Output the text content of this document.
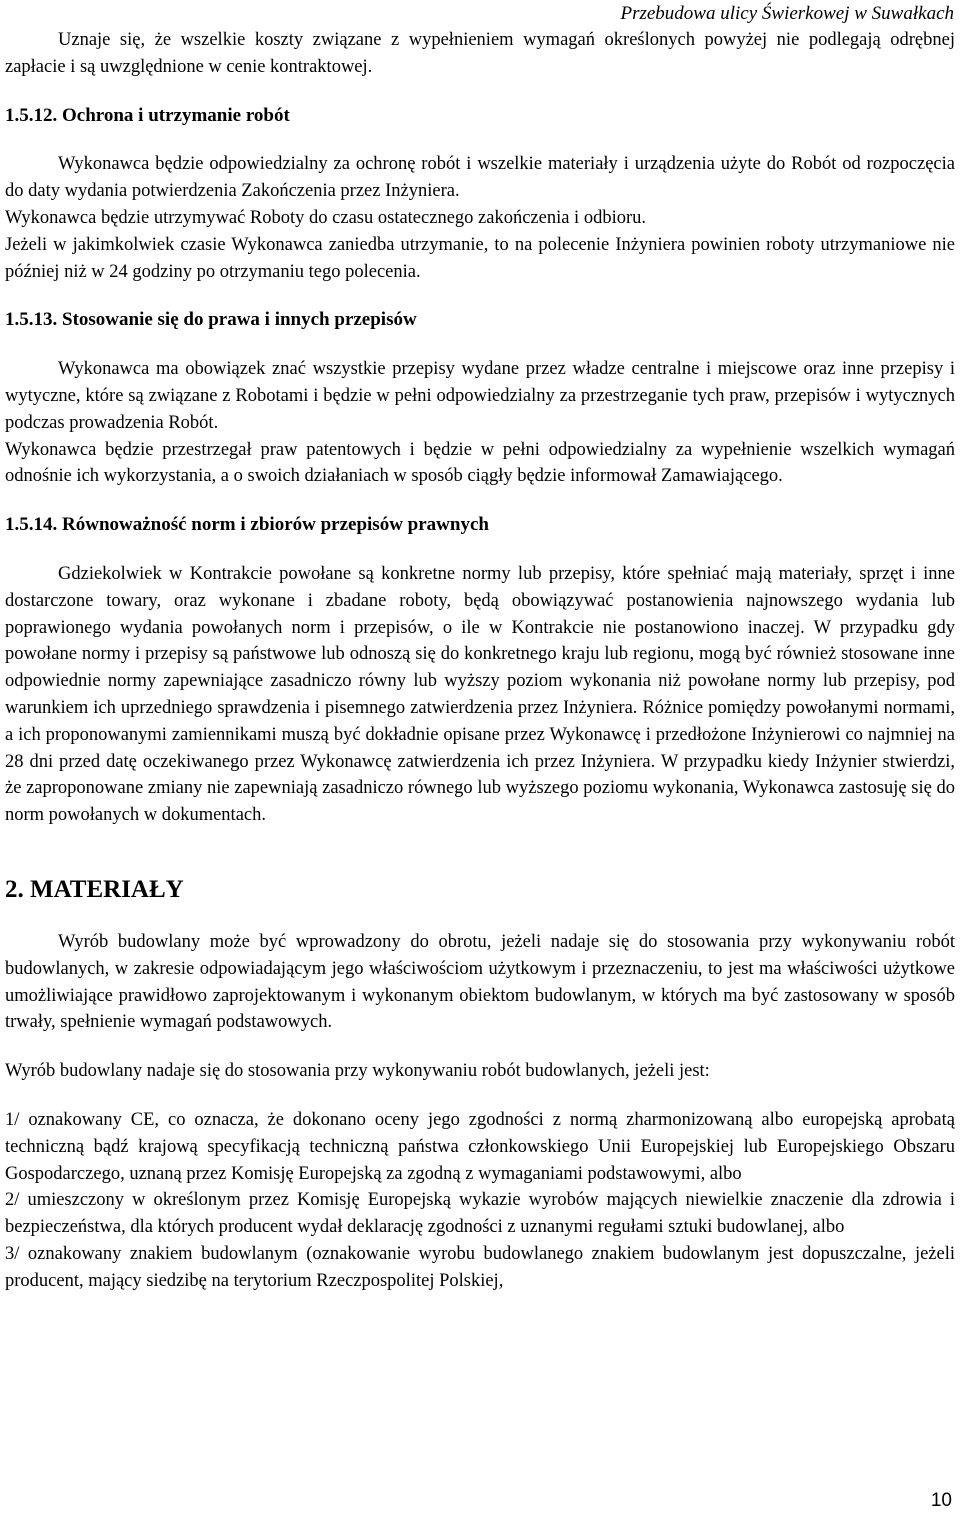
Przebudowa ulicy Świerkowej w Suwałkach

Uznaje się, że wszelkie koszty związane z wypełnieniem wymagań określonych powyżej nie podlegają odrębnej zapłacie i są uwzględnione w cenie kontraktowej.

1.5.12. Ochrona i utrzymanie robót

Wykonawca będzie odpowiedzialny za ochronę robót i wszelkie materiały i urządzenia użyte do Robót od rozpoczęcia do daty wydania potwierdzenia Zakończenia przez Inżyniera.

Wykonawca będzie utrzymywać Roboty do czasu ostatecznego zakończenia i odbioru.

Jeżeli w jakimkolwiek czasie Wykonawca zaniedba utrzymanie, to na polecenie Inżyniera powinien roboty utrzymaniowe nie później niż w 24 godziny po otrzymaniu tego polecenia.

1.5.13. Stosowanie się do prawa i innych przepisów

Wykonawca ma obowiązek znać wszystkie przepisy wydane przez władze centralne i miejscowe oraz inne przepisy i wytyczne, które są związane z Robotami i będzie w pełni odpowiedzialny za przestrzeganie tych praw, przepisów i wytycznych podczas prowadzenia Robót.

Wykonawca będzie przestrzegał praw patentowych i będzie w pełni odpowiedzialny za wypełnienie wszelkich wymagań odnośnie ich wykorzystania, a o swoich działaniach w sposób ciągły będzie informował Zamawiającego.

1.5.14. Równoważność norm i zbiorów przepisów prawnych

Gdziekolwiek w Kontrakcie powołane są konkretne normy lub przepisy, które spełniać mają materiały, sprzęt i inne dostarczone towary, oraz wykonane i zbadane roboty, będą obowiązywać postanowienia najnowszego wydania lub poprawionego wydania powołanych norm i przepisów, o ile w Kontrakcie nie postanowiono inaczej. W przypadku gdy powołane normy i przepisy są państwowe lub odnoszą się do konkretnego kraju lub regionu, mogą być również stosowane inne odpowiednie normy zapewniające zasadniczo równy lub wyższy poziom wykonania niż powołane normy lub przepisy, pod warunkiem ich uprzedniego sprawdzenia i pisemnego zatwierdzenia przez Inżyniera. Różnice pomiędzy powołanymi normami, a ich proponowanymi zamiennikami muszą być dokładnie opisane przez Wykonawcę i przedłożone Inżynierowi co najmniej na 28 dni przed datę oczekiwanego przez Wykonawcę zatwierdzenia ich przez Inżyniera. W przypadku kiedy Inżynier stwierdzi, że zaproponowane zmiany nie zapewniają zasadniczo równego lub wyższego poziomu wykonania, Wykonawca zastosuję się do norm powołanych w dokumentach.

2. MATERIAŁY

Wyrób budowlany może być wprowadzony do obrotu, jeżeli nadaje się do stosowania przy wykonywaniu robót budowlanych, w zakresie odpowiadającym jego właściwościom użytkowym i przeznaczeniu, to jest ma właściwości użytkowe umożliwiające prawidłowo zaprojektowanym i wykonanym obiektom budowlanym, w których ma być zastosowany w sposób trwały, spełnienie wymagań podstawowych.

Wyrób budowlany nadaje się do stosowania przy wykonywaniu robót budowlanych, jeżeli jest:

1/ oznakowany CE, co oznacza, że dokonano oceny jego zgodności z normą zharmonizowaną albo europejską aprobatą techniczną bądź krajową specyfikacją techniczną państwa członkowskiego Unii Europejskiej lub Europejskiego Obszaru Gospodarczego, uznaną przez Komisję Europejską za zgodną z wymaganiami podstawowymi, albo

2/ umieszczony w określonym przez Komisję Europejską wykazie wyrobów mających niewielkie znaczenie dla zdrowia i bezpieczeństwa, dla których producent wydał deklarację zgodności z uznanymi regułami sztuki budowlanej, albo

3/ oznakowany znakiem budowlanym (oznakowanie wyrobu budowlanego znakiem budowlanym jest dopuszczalne, jeżeli producent, mający siedzibę na terytorium Rzeczpospolitej Polskiej,

10
